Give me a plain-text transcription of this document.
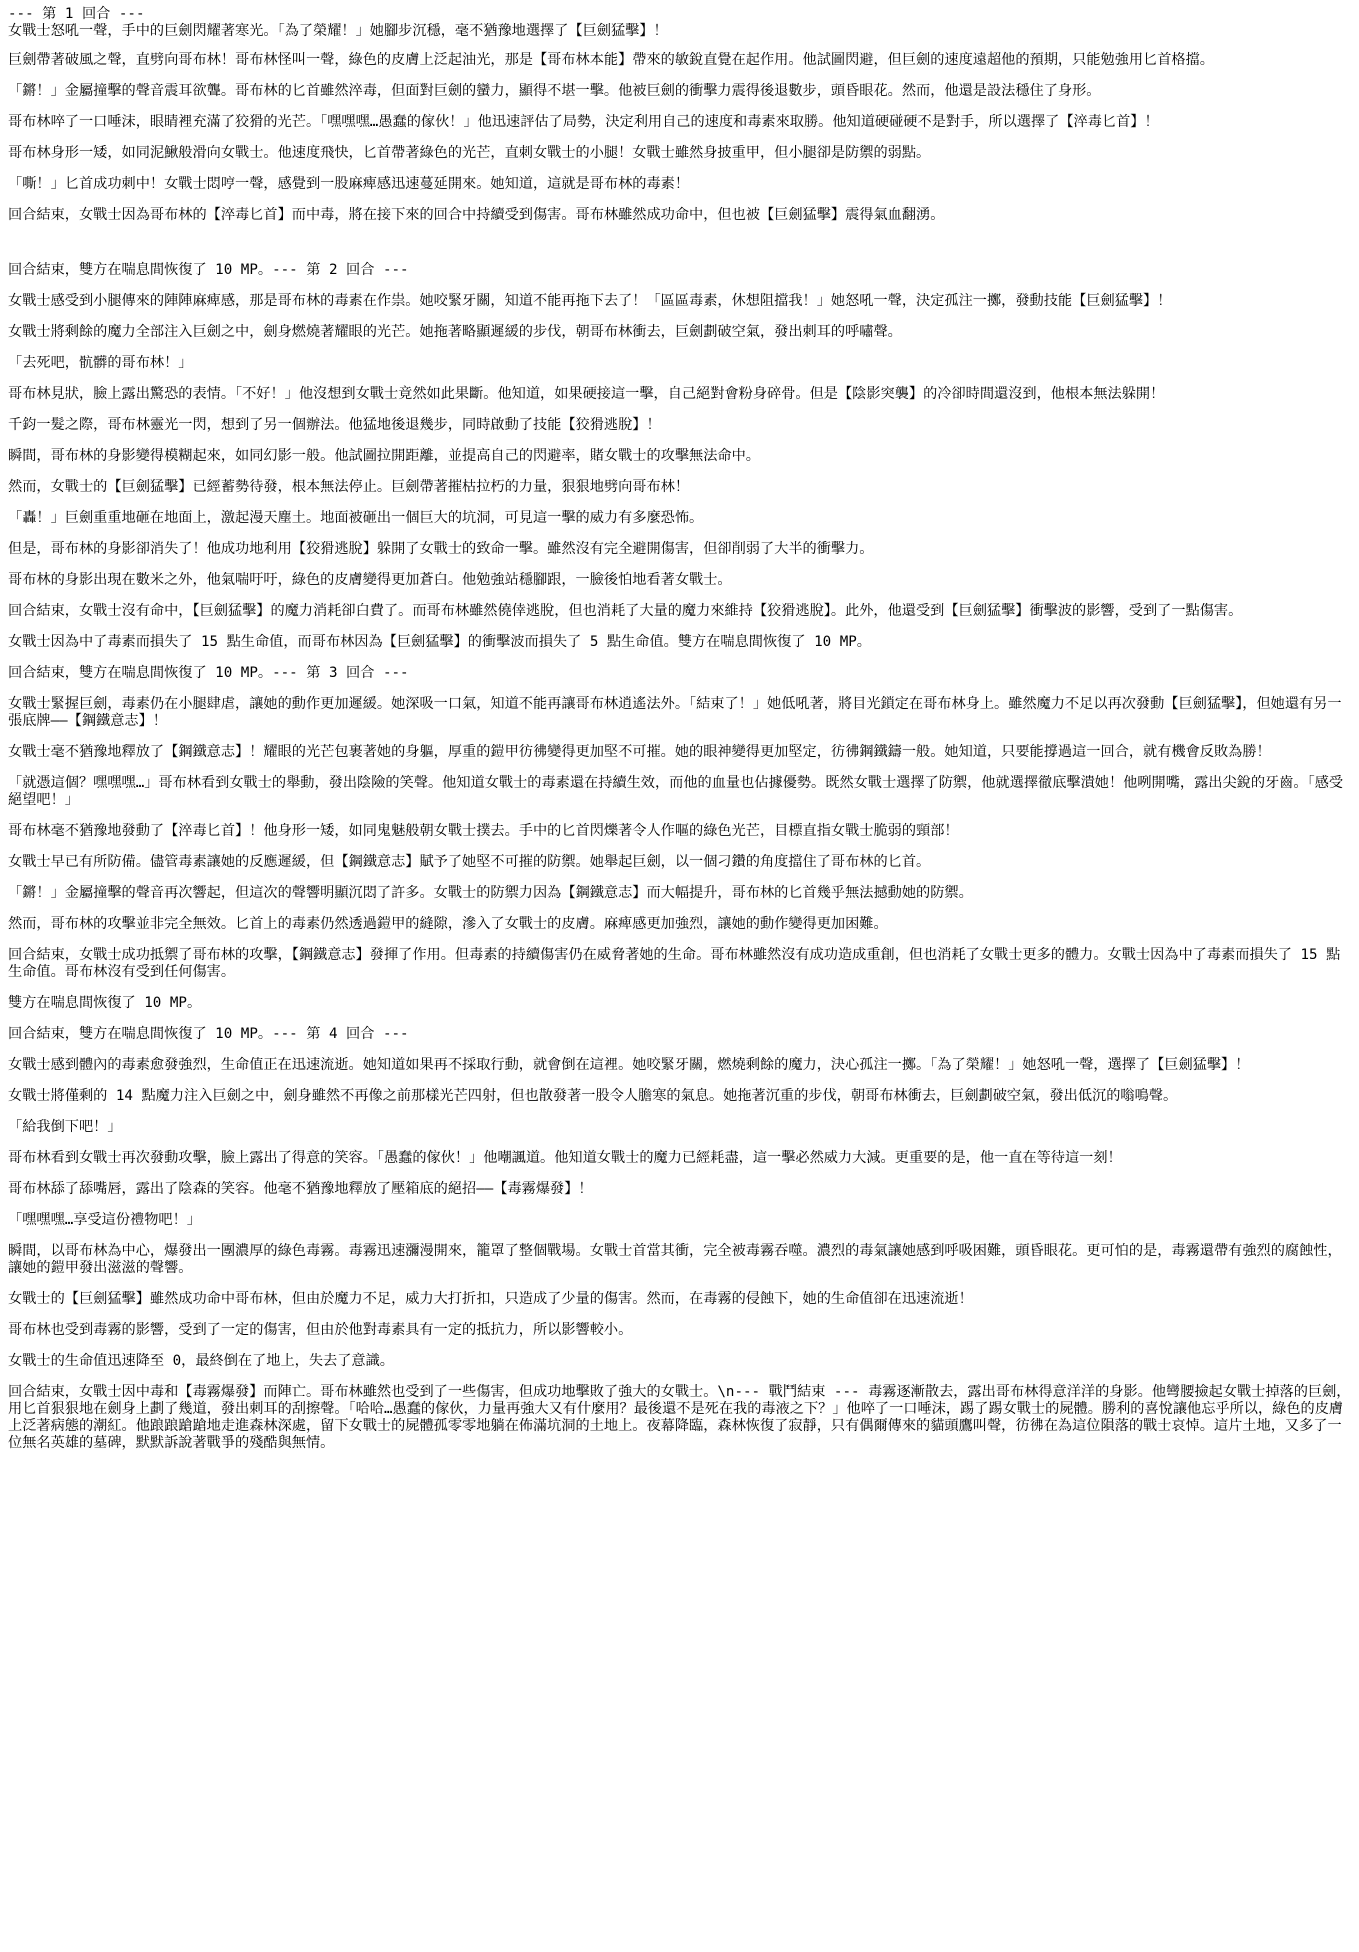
--- 第 1 回合 ---
女戰士怒吼一聲，手中的巨劍閃耀著寒光。「為了榮耀！」她腳步沉穩，毫不猶豫地選擇了【巨劍猛擊】！

巨劍帶著破風之聲，直劈向哥布林！哥布林怪叫一聲，綠色的皮膚上泛起油光，那是【哥布林本能】帶來的敏銳直覺在起作用。他試圖閃避，但巨劍的速度遠超他的預期，只能勉強用匕首格擋。

「鏘！」金屬撞擊的聲音震耳欲聾。哥布林的匕首雖然淬毒，但面對巨劍的蠻力，顯得不堪一擊。他被巨劍的衝擊力震得後退數步，頭昏眼花。然而，他還是設法穩住了身形。

哥布林啐了一口唾沫，眼睛裡充滿了狡猾的光芒。「嘿嘿嘿…愚蠢的傢伙！」他迅速評估了局勢，決定利用自己的速度和毒素來取勝。他知道硬碰硬不是對手，所以選擇了【淬毒匕首】！

哥布林身形一矮，如同泥鰍般滑向女戰士。他速度飛快，匕首帶著綠色的光芒，直刺女戰士的小腿！女戰士雖然身披重甲，但小腿卻是防禦的弱點。

「嘶！」匕首成功刺中！女戰士悶哼一聲，感覺到一股麻痺感迅速蔓延開來。她知道，這就是哥布林的毒素！

回合結束，女戰士因為哥布林的【淬毒匕首】而中毒，將在接下來的回合中持續受到傷害。哥布林雖然成功命中，但也被【巨劍猛擊】震得氣血翻湧。

回合結束，雙方在喘息間恢復了 10 MP。--- 第 2 回合 ---

女戰士感受到小腿傳來的陣陣麻痺感，那是哥布林的毒素在作祟。她咬緊牙關，知道不能再拖下去了！「區區毒素，休想阻擋我！」她怒吼一聲，決定孤注一擲，發動技能【巨劍猛擊】！

女戰士將剩餘的魔力全部注入巨劍之中，劍身燃燒著耀眼的光芒。她拖著略顯遲緩的步伐，朝哥布林衝去，巨劍劃破空氣，發出刺耳的呼嘯聲。

「去死吧，骯髒的哥布林！」

哥布林見狀，臉上露出驚恐的表情。「不好！」他沒想到女戰士竟然如此果斷。他知道，如果硬接這一擊，自己絕對會粉身碎骨。但是【陰影突襲】的冷卻時間還沒到，他根本無法躲開！

千鈞一髮之際，哥布林靈光一閃，想到了另一個辦法。他猛地後退幾步，同時啟動了技能【狡猾逃脫】！

瞬間，哥布林的身影變得模糊起來，如同幻影一般。他試圖拉開距離，並提高自己的閃避率，賭女戰士的攻擊無法命中。

然而，女戰士的【巨劍猛擊】已經蓄勢待發，根本無法停止。巨劍帶著摧枯拉朽的力量，狠狠地劈向哥布林！

「轟！」巨劍重重地砸在地面上，激起漫天塵土。地面被砸出一個巨大的坑洞，可見這一擊的威力有多麼恐怖。

但是，哥布林的身影卻消失了！他成功地利用【狡猾逃脫】躲開了女戰士的致命一擊。雖然沒有完全避開傷害，但卻削弱了大半的衝擊力。

哥布林的身影出現在數米之外，他氣喘吁吁，綠色的皮膚變得更加蒼白。他勉強站穩腳跟，一臉後怕地看著女戰士。

回合結束，女戰士沒有命中，【巨劍猛擊】的魔力消耗卻白費了。而哥布林雖然僥倖逃脫，但也消耗了大量的魔力來維持【狡猾逃脫】。此外，他還受到【巨劍猛擊】衝擊波的影響，受到了一點傷害。

女戰士因為中了毒素而損失了 15 點生命值，而哥布林因為【巨劍猛擊】的衝擊波而損失了 5 點生命值。雙方在喘息間恢復了 10 MP。

回合結束，雙方在喘息間恢復了 10 MP。--- 第 3 回合 ---

女戰士緊握巨劍，毒素仍在小腿肆虐，讓她的動作更加遲緩。她深吸一口氣，知道不能再讓哥布林逍遙法外。「結束了！」她低吼著，將目光鎖定在哥布林身上。雖然魔力不足以再次發動【巨劍猛擊】，但她還有另一張底牌——【鋼鐵意志】！

女戰士毫不猶豫地釋放了【鋼鐵意志】！耀眼的光芒包裹著她的身軀，厚重的鎧甲彷彿變得更加堅不可摧。她的眼神變得更加堅定，彷彿鋼鐵鑄一般。她知道，只要能撐過這一回合，就有機會反敗為勝！

「就憑這個？嘿嘿嘿…」哥布林看到女戰士的舉動，發出陰險的笑聲。他知道女戰士的毒素還在持續生效，而他的血量也佔據優勢。既然女戰士選擇了防禦，他就選擇徹底擊潰她！他咧開嘴，露出尖銳的牙齒。「感受絕望吧！」

哥布林毫不猶豫地發動了【淬毒匕首】！他身形一矮，如同鬼魅般朝女戰士撲去。手中的匕首閃爍著令人作嘔的綠色光芒，目標直指女戰士脆弱的頸部！

女戰士早已有所防備。儘管毒素讓她的反應遲緩，但【鋼鐵意志】賦予了她堅不可摧的防禦。她舉起巨劍，以一個刁鑽的角度擋住了哥布林的匕首。

「鏘！」金屬撞擊的聲音再次響起，但這次的聲響明顯沉悶了許多。女戰士的防禦力因為【鋼鐵意志】而大幅提升，哥布林的匕首幾乎無法撼動她的防禦。

然而，哥布林的攻擊並非完全無效。匕首上的毒素仍然透過鎧甲的縫隙，滲入了女戰士的皮膚。麻痺感更加強烈，讓她的動作變得更加困難。

回合結束，女戰士成功抵禦了哥布林的攻擊，【鋼鐵意志】發揮了作用。但毒素的持續傷害仍在威脅著她的生命。哥布林雖然沒有成功造成重創，但也消耗了女戰士更多的體力。女戰士因為中了毒素而損失了 15 點生命值。哥布林沒有受到任何傷害。

雙方在喘息間恢復了 10 MP。

回合結束，雙方在喘息間恢復了 10 MP。--- 第 4 回合 ---

女戰士感到體內的毒素愈發強烈，生命值正在迅速流逝。她知道如果再不採取行動，就會倒在這裡。她咬緊牙關，燃燒剩餘的魔力，決心孤注一擲。「為了榮耀！」她怒吼一聲，選擇了【巨劍猛擊】！

女戰士將僅剩的 14 點魔力注入巨劍之中，劍身雖然不再像之前那樣光芒四射，但也散發著一股令人膽寒的氣息。她拖著沉重的步伐，朝哥布林衝去，巨劍劃破空氣，發出低沉的嗡鳴聲。

「給我倒下吧！」

哥布林看到女戰士再次發動攻擊，臉上露出了得意的笑容。「愚蠢的傢伙！」他嘲諷道。他知道女戰士的魔力已經耗盡，這一擊必然威力大減。更重要的是，他一直在等待這一刻！

哥布林舔了舔嘴唇，露出了陰森的笑容。他毫不猶豫地釋放了壓箱底的絕招——【毒霧爆發】！

「嘿嘿嘿…享受這份禮物吧！」

瞬間，以哥布林為中心，爆發出一團濃厚的綠色毒霧。毒霧迅速瀰漫開來，籠罩了整個戰場。女戰士首當其衝，完全被毒霧吞噬。濃烈的毒氣讓她感到呼吸困難，頭昏眼花。更可怕的是，毒霧還帶有強烈的腐蝕性，讓她的鎧甲發出滋滋的聲響。

女戰士的【巨劍猛擊】雖然成功命中哥布林，但由於魔力不足，威力大打折扣，只造成了少量的傷害。然而，在毒霧的侵蝕下，她的生命值卻在迅速流逝！

哥布林也受到毒霧的影響，受到了一定的傷害，但由於他對毒素具有一定的抵抗力，所以影響較小。

女戰士的生命值迅速降至 0，最終倒在了地上，失去了意識。

回合結束，女戰士因中毒和【毒霧爆發】而陣亡。哥布林雖然也受到了一些傷害，但成功地擊敗了強大的女戰士。\n--- 戰鬥結束 --- 毒霧逐漸散去，露出哥布林得意洋洋的身影。他彎腰撿起女戰士掉落的巨劍，用匕首狠狠地在劍身上劃了幾道，發出刺耳的刮擦聲。「哈哈…愚蠢的傢伙，力量再強大又有什麼用？最後還不是死在我的毒液之下？」他啐了一口唾沫，踢了踢女戰士的屍體。勝利的喜悅讓他忘乎所以，綠色的皮膚上泛著病態的潮紅。他踉踉蹌蹌地走進森林深處，留下女戰士的屍體孤零零地躺在佈滿坑洞的土地上。夜幕降臨，森林恢復了寂靜，只有偶爾傳來的貓頭鷹叫聲，彷彿在為這位隕落的戰士哀悼。這片土地，又多了一位無名英雄的墓碑，默默訴說著戰爭的殘酷與無情。
